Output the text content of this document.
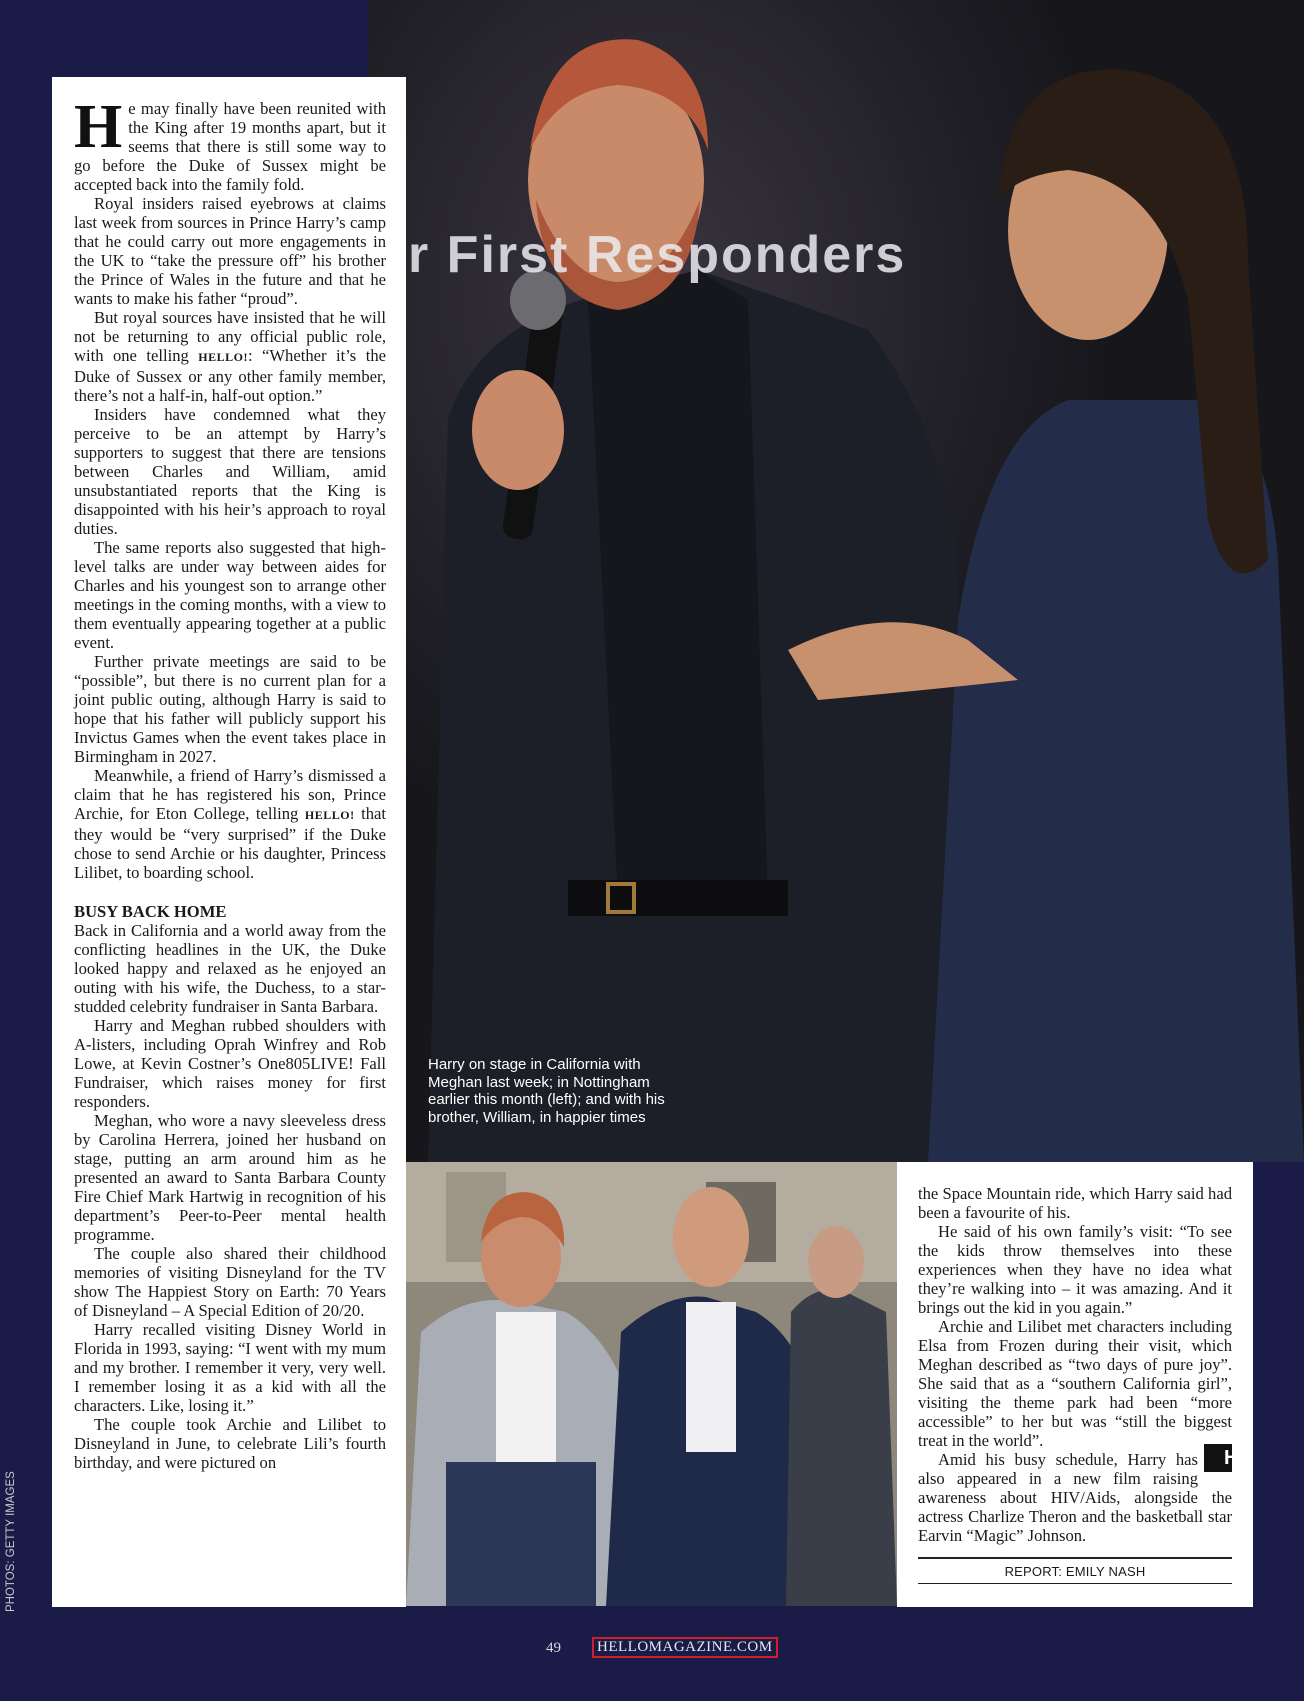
r First Responders
Harry on stage in California with Meghan last week; in Nottingham earlier this month (left); and with his brother, William, in happier times

He may finally have been reunited with the King after 19 months apart, but it seems that there is still some way to go before the Duke of Sussex might be accepted back into the family fold.

Royal insiders raised eyebrows at claims last week from sources in Prince Harry’s camp that he could carry out more engagements in the UK to “take the pressure off” his brother the Prince of Wales in the future and that he wants to make his father “proud”.

But royal sources have insisted that he will not be returning to any official public role, with one telling HELLO!: “Whether it’s the Duke of Sussex or any other family member, there’s not a half-in, half-out option.”

Insiders have condemned what they perceive to be an attempt by Harry’s supporters to suggest that there are tensions between Charles and William, amid unsubstantiated reports that the King is disappointed with his heir’s approach to royal duties.

The same reports also suggested that high-level talks are under way between aides for Charles and his youngest son to arrange other meetings in the coming months, with a view to them eventually appearing together at a public event.

Further private meetings are said to be “possible”, but there is no current plan for a joint public outing, although Harry is said to hope that his father will publicly support his Invictus Games when the event takes place in Birmingham in 2027.

Meanwhile, a friend of Harry’s dismissed a claim that he has registered his son, Prince Archie, for Eton College, telling HELLO! that they would be “very surprised” if the Duke chose to send Archie or his daughter, Princess Lilibet, to boarding school.

BUSY BACK HOME

Back in California and a world away from the conflicting headlines in the UK, the Duke looked happy and relaxed as he enjoyed an outing with his wife, the Duchess, to a star-studded celebrity fundraiser in Santa Barbara.

Harry and Meghan rubbed shoulders with A-listers, including Oprah Winfrey and Rob Lowe, at Kevin Costner’s One805LIVE! Fall Fundraiser, which raises money for first responders.

Meghan, who wore a navy sleeveless dress by Carolina Herrera, joined her husband on stage, putting an arm around him as he presented an award to Santa Barbara County Fire Chief Mark Hartwig in recognition of his department’s Peer-to-Peer mental health programme.

The couple also shared their childhood memories of visiting Disneyland for the TV show The Happiest Story on Earth: 70 Years of Disneyland – A Special Edition of 20/20.

Harry recalled visiting Disney World in Florida in 1993, saying: “I went with my mum and my brother. I remember it very, very well. I remember losing it as a kid with all the characters. Like, losing it.”

The couple took Archie and Lilibet to Disneyland in June, to celebrate Lili’s fourth birthday, and were pictured on

the Space Mountain ride, which Harry said had been a favourite of his.

He said of his own family’s visit: “To see the kids throw themselves into these experiences when they have no idea what they’re walking into – it was amazing. And it brings out the kid in you again.”

Archie and Lilibet met characters including Elsa from Frozen during their visit, which Meghan described as “two days of pure joy”. She said that as a “southern California girl”, visiting the theme park had been “more accessible” to her but was “still the biggest treat in the world”.

H
Amid his busy schedule, Harry has also appeared in a new film raising awareness about HIV/Aids, alongside the actress Charlize Theron and the basketball star Earvin “Magic” Johnson.

REPORT: EMILY NASH
PHOTOS: GETTY IMAGES
49	HELLOMAGAZINE.COM
